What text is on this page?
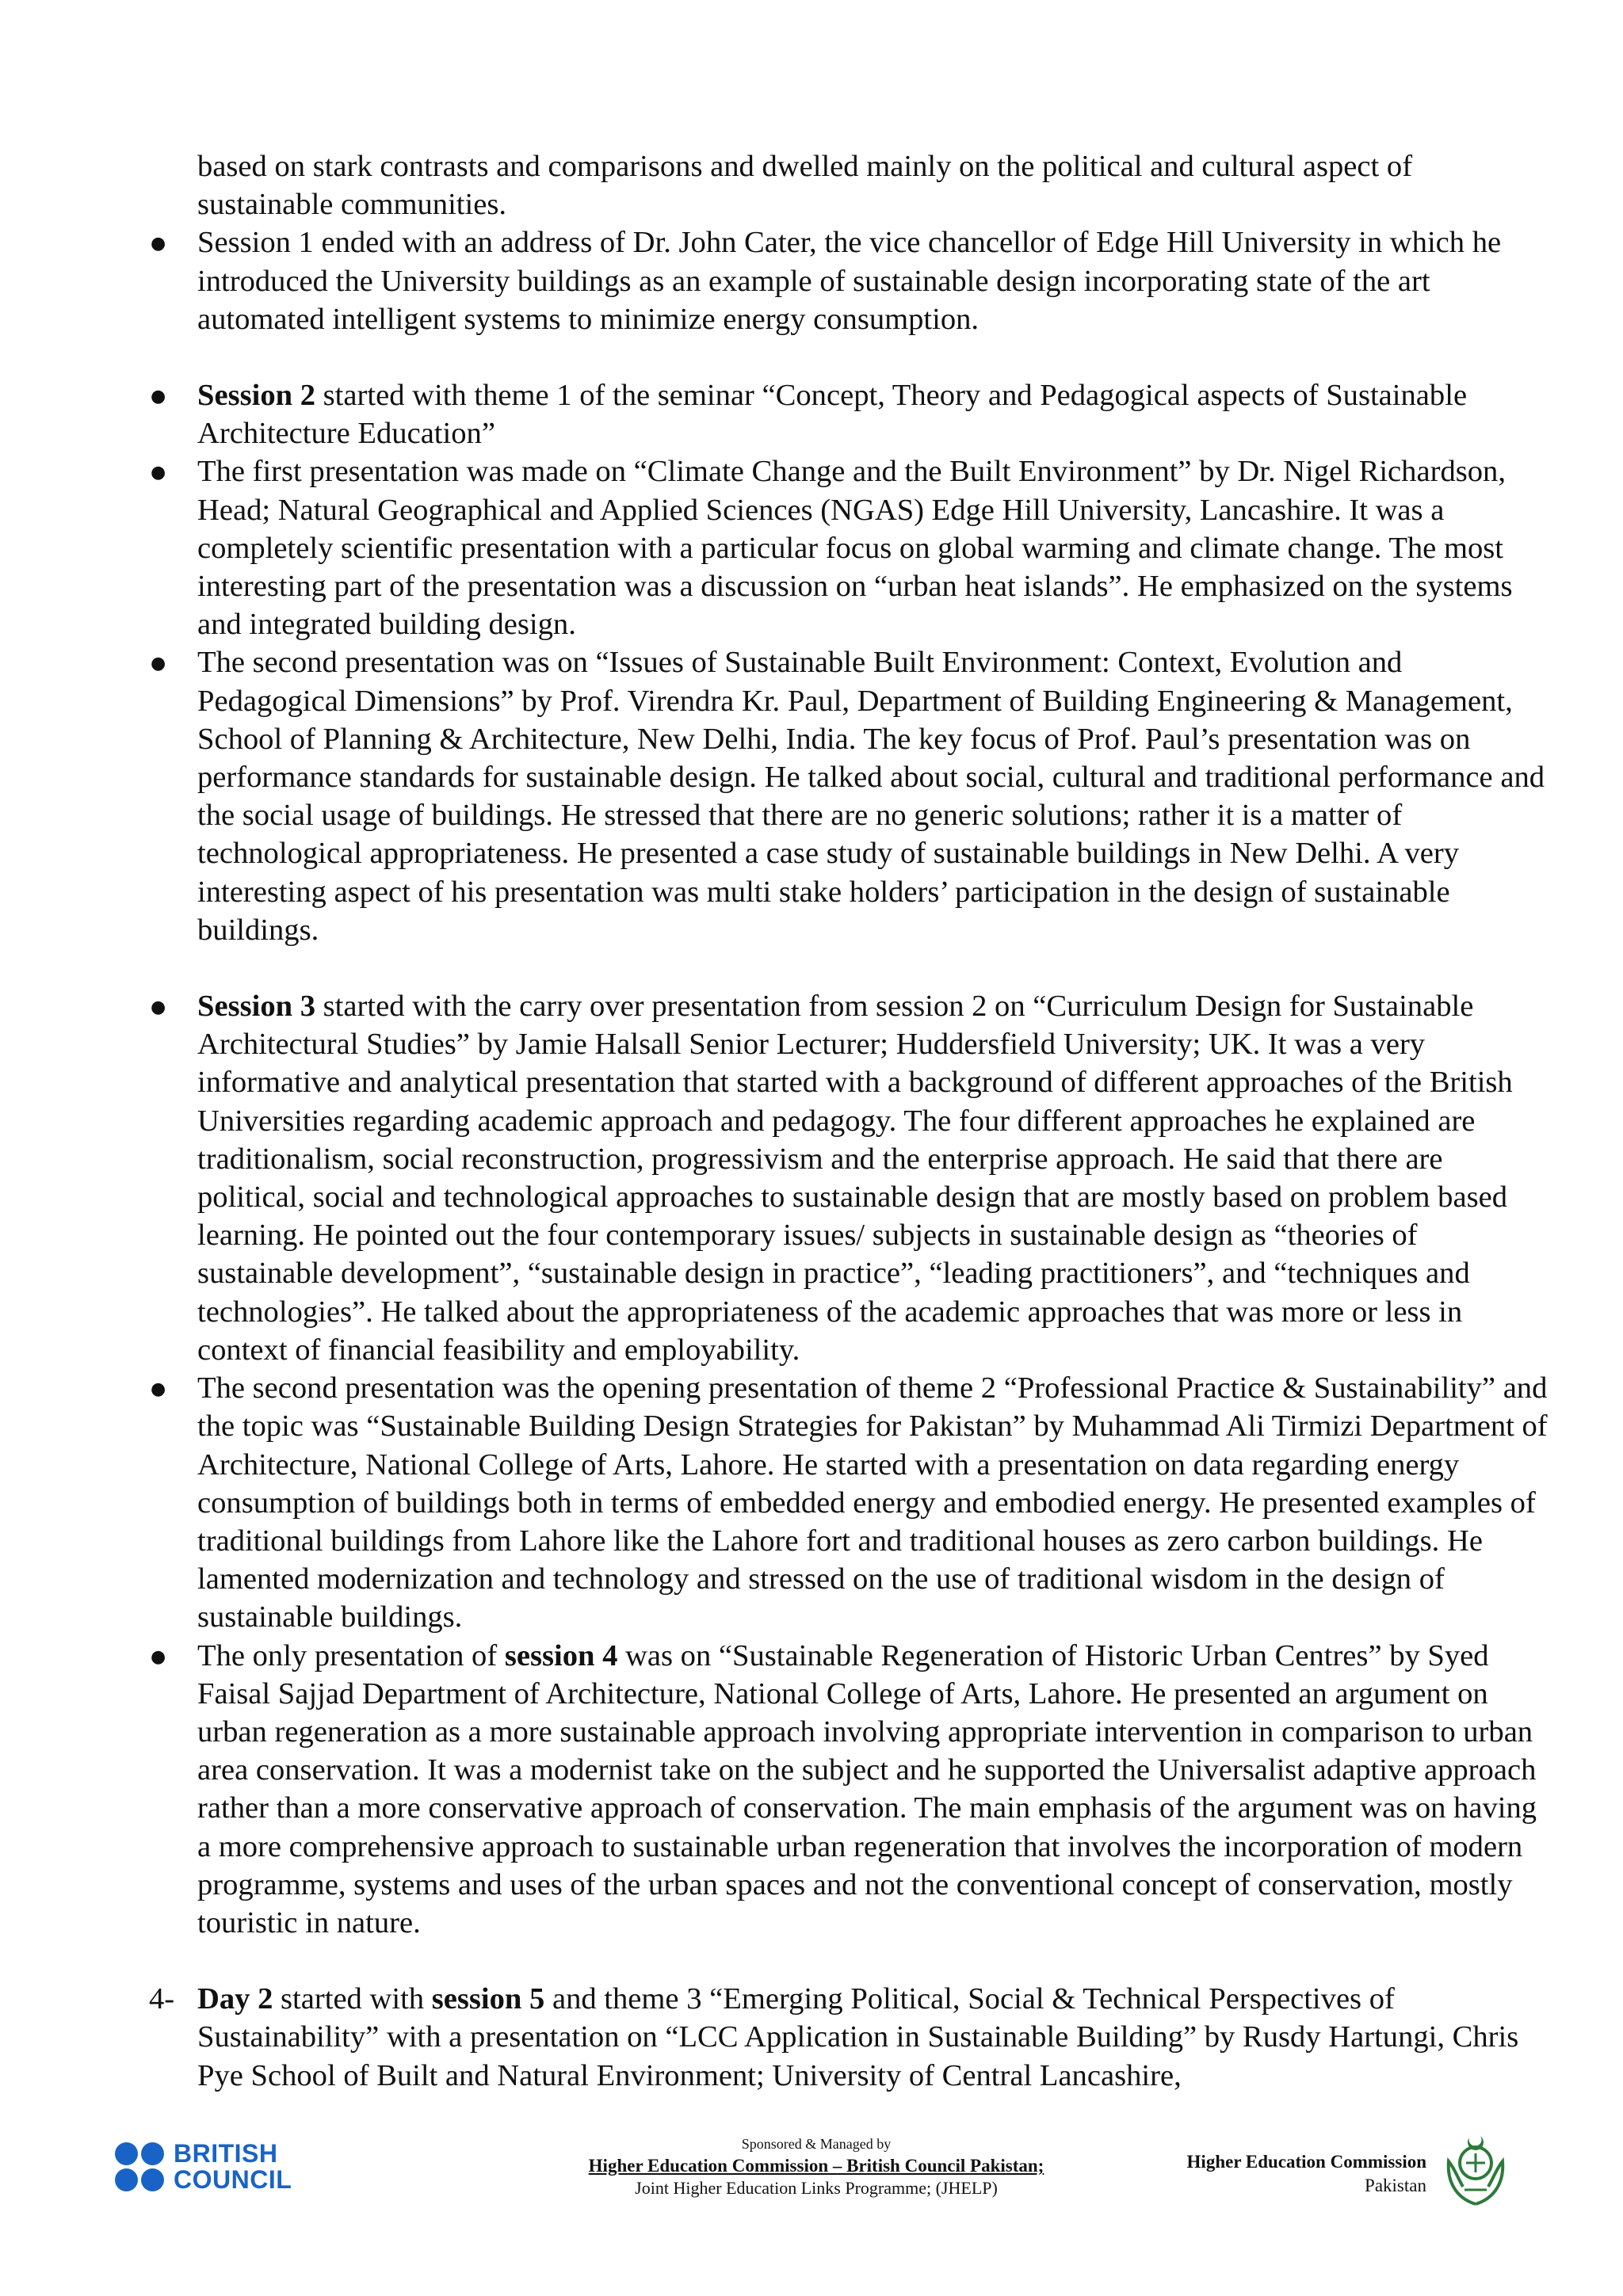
based on stark contrasts and comparisons and dwelled mainly on the political and cultural aspect of sustainable communities.
● Session 1 ended with an address of Dr. John Cater, the vice chancellor of Edge Hill University in which he introduced the University buildings as an example of sustainable design incorporating state of the art automated intelligent systems to minimize energy consumption.
● Session 2 started with theme 1 of the seminar “Concept, Theory and Pedagogical aspects of Sustainable Architecture Education”
● The first presentation was made on “Climate Change and the Built Environment” by Dr. Nigel Richardson, Head; Natural Geographical and Applied Sciences (NGAS) Edge Hill University, Lancashire. It was a completely scientific presentation with a particular focus on global warming and climate change. The most interesting part of the presentation was a discussion on “urban heat islands”. He emphasized on the systems and integrated building design.
● The second presentation was on “Issues of Sustainable Built Environment: Context, Evolution and Pedagogical Dimensions” by Prof. Virendra Kr. Paul, Department of Building Engineering & Management, School of Planning & Architecture, New Delhi, India. The key focus of Prof. Paul’s presentation was on performance standards for sustainable design. He talked about social, cultural and traditional performance and the social usage of buildings. He stressed that there are no generic solutions; rather it is a matter of technological appropriateness. He presented a case study of sustainable buildings in New Delhi. A very interesting aspect of his presentation was multi stake holders’ participation in the design of sustainable buildings.
● Session 3 started with the carry over presentation from session 2 on “Curriculum Design for Sustainable Architectural Studies” by Jamie Halsall Senior Lecturer; Huddersfield University; UK. It was a very informative and analytical presentation that started with a background of different approaches of the British Universities regarding academic approach and pedagogy. The four different approaches he explained are traditionalism, social reconstruction, progressivism and the enterprise approach. He said that there are political, social and technological approaches to sustainable design that are mostly based on problem based learning. He pointed out the four contemporary issues/ subjects in sustainable design as “theories of sustainable development”, “sustainable design in practice”, “leading practitioners”, and “techniques and technologies”. He talked about the appropriateness of the academic approaches that was more or less in context of financial feasibility and employability.
● The second presentation was the opening presentation of theme 2 “Professional Practice & Sustainability” and the topic was “Sustainable Building Design Strategies for Pakistan” by Muhammad Ali Tirmizi Department of Architecture, National College of Arts, Lahore. He started with a presentation on data regarding energy consumption of buildings both in terms of embedded energy and embodied energy. He presented examples of traditional buildings from Lahore like the Lahore fort and traditional houses as zero carbon buildings. He lamented modernization and technology and stressed on the use of traditional wisdom in the design of sustainable buildings.
● The only presentation of session 4 was on “Sustainable Regeneration of Historic Urban Centres” by Syed Faisal Sajjad Department of Architecture, National College of Arts, Lahore. He presented an argument on urban regeneration as a more sustainable approach involving appropriate intervention in comparison to urban area conservation. It was a modernist take on the subject and he supported the Universalist adaptive approach rather than a more conservative approach of conservation. The main emphasis of the argument was on having a more comprehensive approach to sustainable urban regeneration that involves the incorporation of modern programme, systems and uses of the urban spaces and not the conventional concept of conservation, mostly touristic in nature.
4- Day 2 started with session 5 and theme 3 “Emerging Political, Social & Technical Perspectives of Sustainability” with a presentation on “LCC Application in Sustainable Building” by Rusdy Hartungi, Chris Pye School of Built and Natural Environment; University of Central Lancashire,
BRITISH
COUNCIL
Sponsored & Managed by
Higher Education Commission – British Council Pakistan;
Joint Higher Education Links Programme; (JHELP)
Higher Education Commission
Pakistan
